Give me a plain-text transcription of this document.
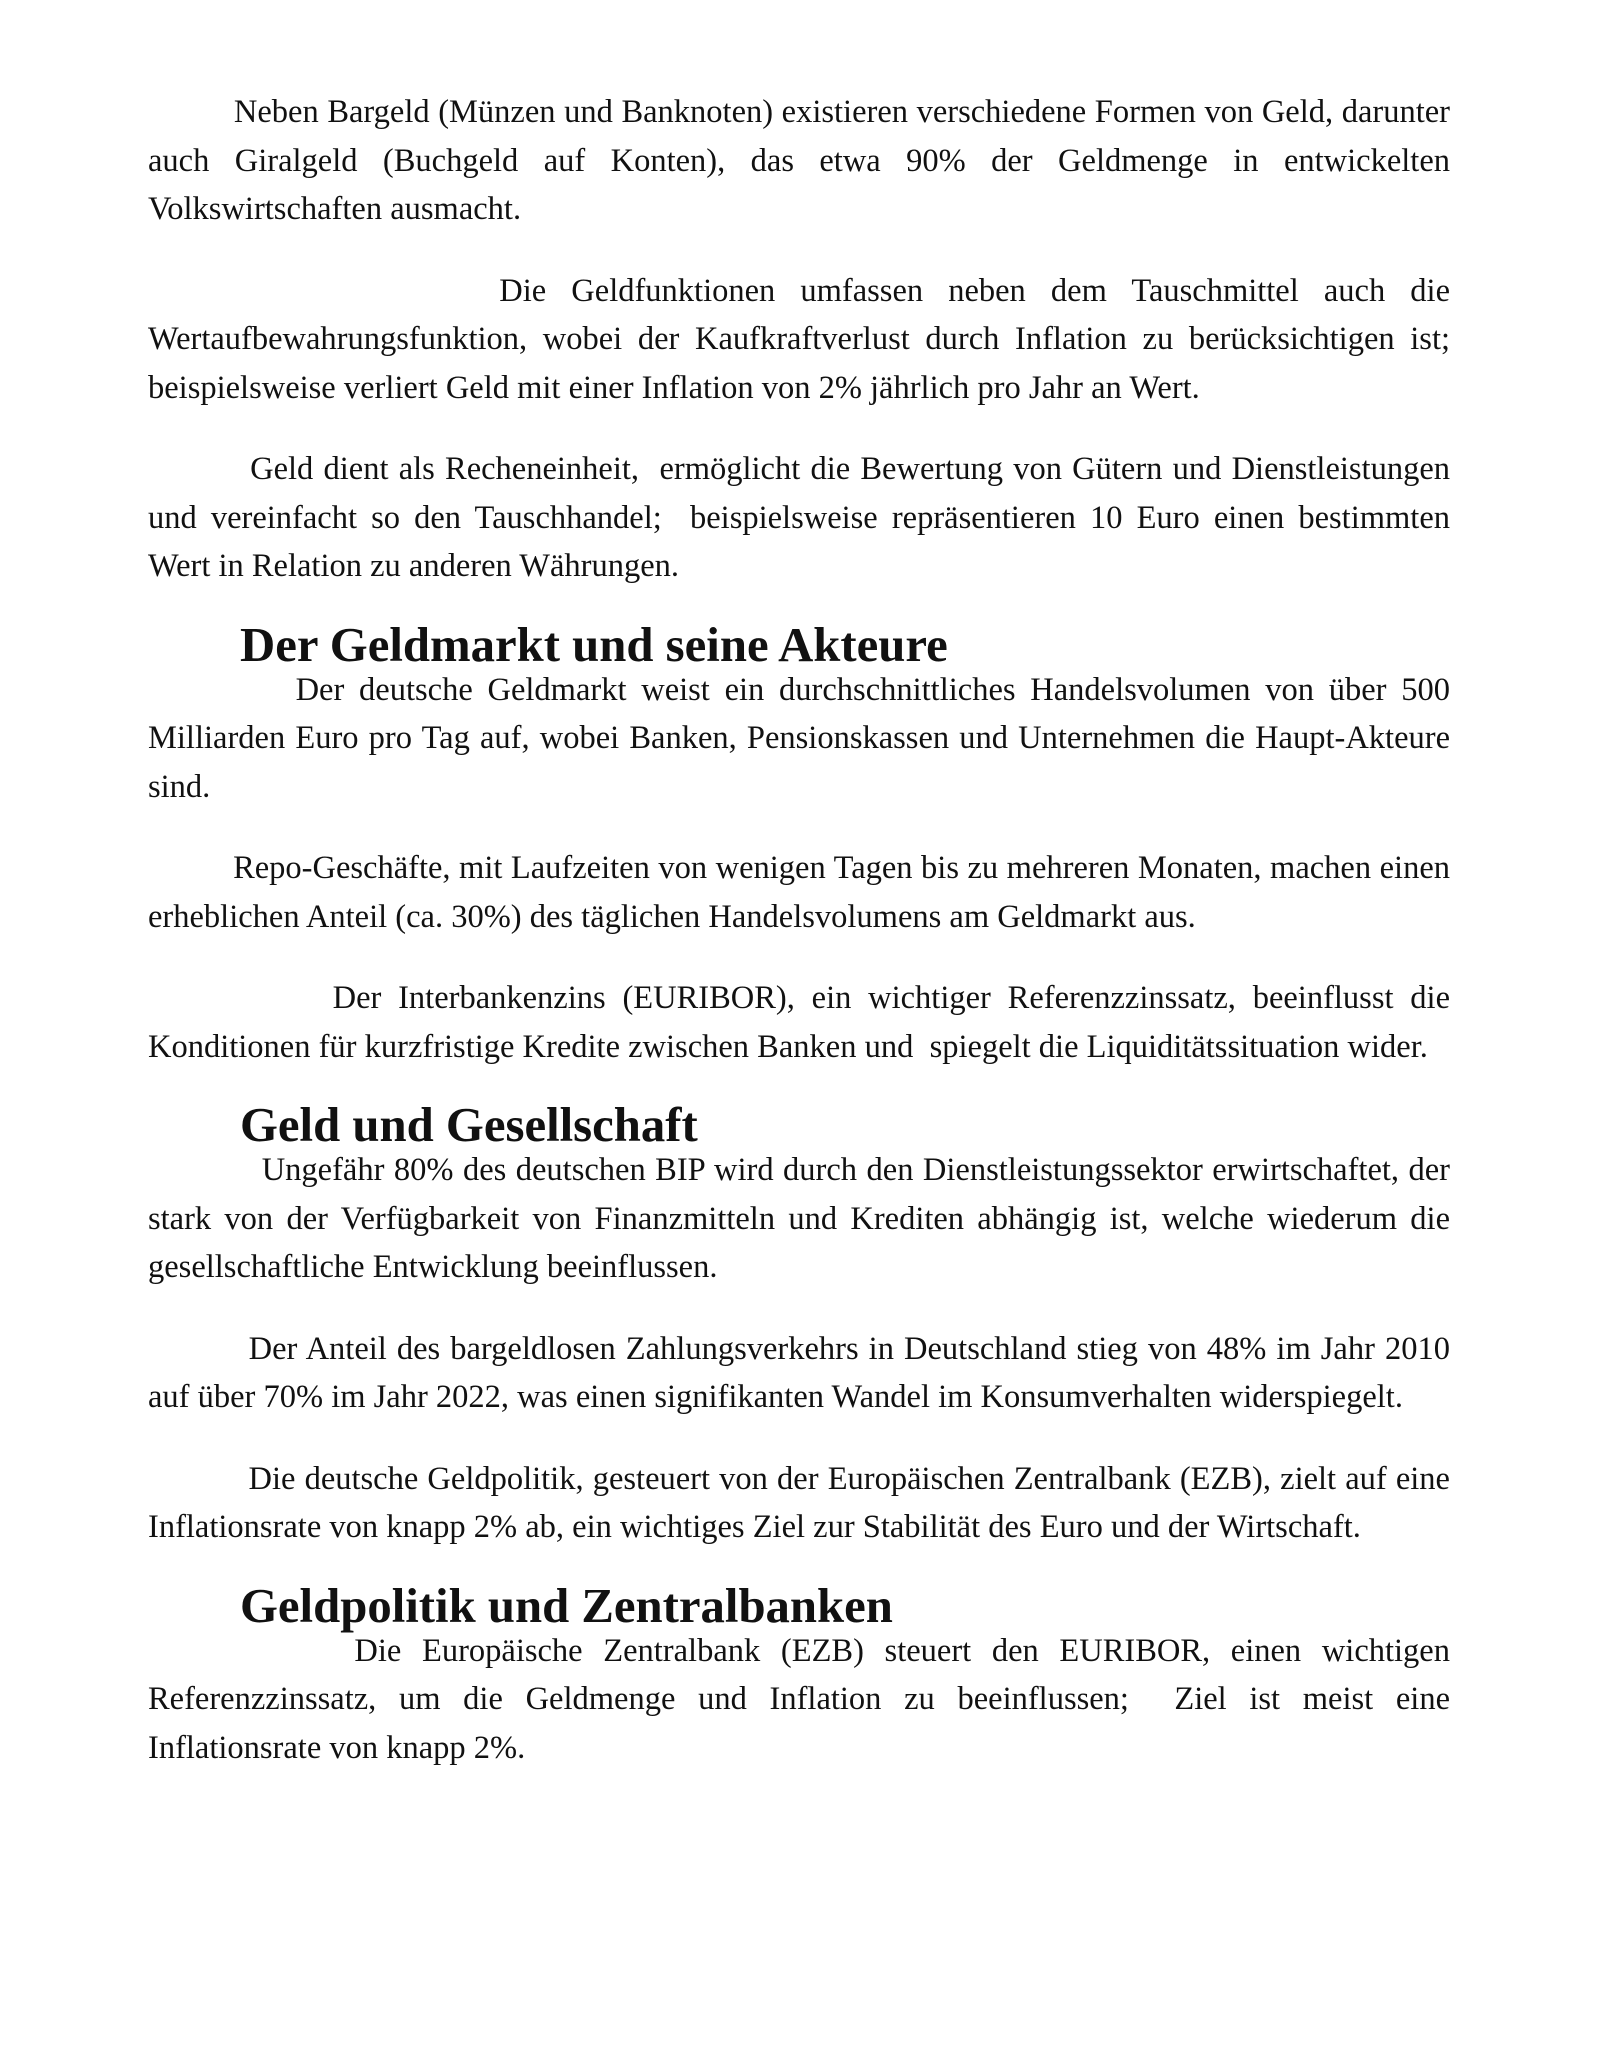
Neben Bargeld (Münzen und Banknoten) existieren verschiedene Formen von Geld, darunter auch Giralgeld (Buchgeld auf Konten), das etwa 90% der Geldmenge in entwickelten Volkswirtschaften ausmacht.

Die Geldfunktionen umfassen neben dem Tauschmittel auch die Wertaufbewahrungsfunktion, wobei der Kaufkraftverlust durch Inflation zu berücksichtigen ist;  beispielsweise verliert Geld mit einer Inflation von 2% jährlich pro Jahr an Wert.

Geld dient als Recheneinheit,  ermöglicht die Bewertung von Gütern und Dienstleistungen und vereinfacht so den Tauschhandel;  beispielsweise repräsentieren 10 Euro einen bestimmten Wert in Relation zu anderen Währungen.

Der Geldmarkt und seine Akteure

Der deutsche Geldmarkt weist ein durchschnittliches Handelsvolumen von über 500 Milliarden Euro pro Tag auf, wobei Banken, Pensionskassen und Unternehmen die Haupt-Akteure sind.

Repo-Geschäfte, mit Laufzeiten von wenigen Tagen bis zu mehreren Monaten, machen einen erheblichen Anteil (ca. 30%) des täglichen Handelsvolumens am Geldmarkt aus.

Der Interbankenzins (EURIBOR), ein wichtiger Referenzzinssatz, beeinflusst die Konditionen für kurzfristige Kredite zwischen Banken und  spiegelt die Liquiditätssituation wider.

Geld und Gesellschaft

Ungefähr 80% des deutschen BIP wird durch den Dienstleistungssektor erwirtschaftet, der stark von der Verfügbarkeit von Finanzmitteln und Krediten abhängig ist, welche wiederum die gesellschaftliche Entwicklung beeinflussen.

Der Anteil des bargeldlosen Zahlungsverkehrs in Deutschland stieg von 48% im Jahr 2010 auf über 70% im Jahr 2022, was einen signifikanten Wandel im Konsumverhalten widerspiegelt.

Die deutsche Geldpolitik, gesteuert von der Europäischen Zentralbank (EZB), zielt auf eine Inflationsrate von knapp 2% ab, ein wichtiges Ziel zur Stabilität des Euro und der Wirtschaft.

Geldpolitik und Zentralbanken

Die Europäische Zentralbank (EZB) steuert den EURIBOR, einen wichtigen Referenzzinssatz, um die Geldmenge und Inflation zu beeinflussen;  Ziel ist meist eine Inflationsrate von knapp 2%.
